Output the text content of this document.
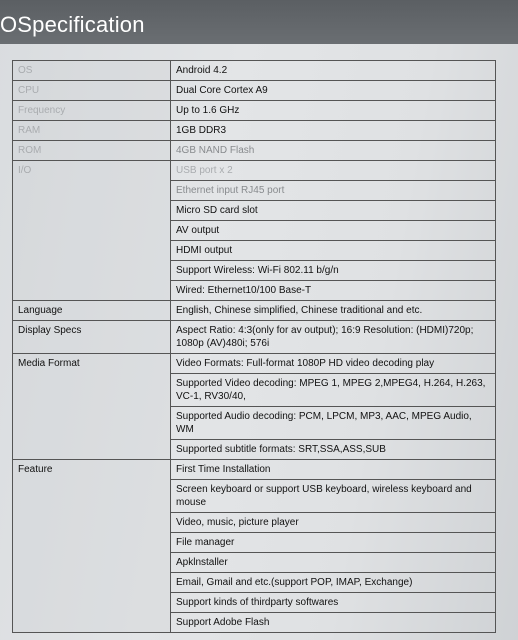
OSpecification
OS	Android 4.2
CPU	Dual Core Cortex A9
Frequency	Up to 1.6 GHz
RAM	1GB DDR3
ROM	4GB NAND Flash
I/O	USB port x 2
	Ethernet input RJ45 port
	Micro SD card slot
	AV output
	HDMI output
	Support Wireless: Wi-Fi 802.11 b/g/n
	Wired: Ethernet10/100 Base-T
Language	English, Chinese simplified, Chinese traditional and etc.
Display Specs	Aspect Ratio: 4:3(only for av output); 16:9 Resolution: (HDMI)720p; 1080p (AV)480i; 576i
Media Format	Video Formats: Full-format 1080P HD video decoding play
	Supported Video decoding: MPEG 1, MPEG 2,MPEG4, H.264, H.263, VC-1, RV30/40,
	Supported Audio decoding: PCM, LPCM, MP3, AAC, MPEG Audio, WM
	Supported subtitle formats: SRT,SSA,ASS,SUB
Feature	First Time Installation
	Screen keyboard or support USB keyboard, wireless keyboard and mouse
	Video, music, picture player
	File manager
	Apklnstaller
	Email, Gmail and etc.(support POP, IMAP, Exchange)
	Support kinds of thirdparty softwares
	Support Adobe Flash
